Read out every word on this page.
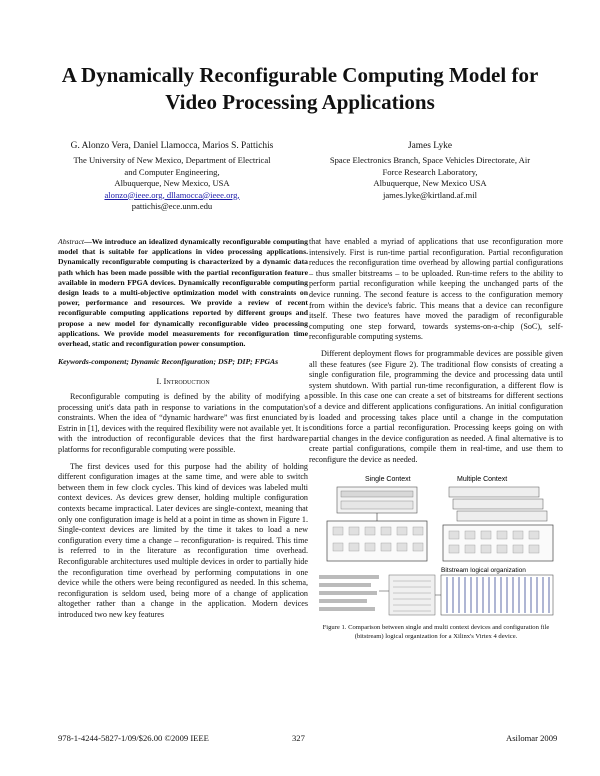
A Dynamically Reconfigurable Computing Model for Video Processing Applications
G. Alonzo Vera, Daniel Llamocca, Marios S. Pattichis
The University of New Mexico, Department of Electrical
and Computer Engineering,
Albuquerque, New Mexico, USA
alonzo@ieee.org, dllamocca@ieee.org,
pattichis@ece.unm.edu
James Lyke
Space Electronics Branch, Space Vehicles Directorate, Air
Force Research Laboratory,
Albuquerque, New Mexico USA
james.lyke@kirtland.af.mil
Abstract—We introduce an idealized dynamically reconfigurable computing model that is suitable for applications in video processing applications. Dynamically reconfigurable computing is characterized by a dynamic data path which has been made possible with the partial reconfiguration feature available in modern FPGA devices. Dynamically reconfigurable computing design leads to a multi-objective optimization model with constraints on power, performance and resources. We provide a review of recent reconfigurable computing applications reported by different groups and propose a new model for dynamically reconfigurable video processing applications. We provide model measurements for reconfiguration time overhead, static and reconfiguration power consumption.
Keywords-component; Dynamic Reconfiguration; DSP; DIP; FPGAs
I. Introduction

Reconfigurable computing is defined by the ability of modifying a processing unit's data path in response to variations in the computation's constraints. When the idea of “dynamic hardware” was first enunciated by Estrin in [1], devices with the required flexibility were not available yet. It is with the introduction of reconfigurable devices that the first hardware platforms for reconfigurable computing were possible.

The first devices used for this purpose had the ability of holding different configuration images at the same time, and were able to switch between them in few clock cycles. This kind of devices was labeled multi context devices. As devices grew denser, holding multiple configuration contexts became impractical. Later devices are single-context, meaning that only one configuration image is held at a point in time as shown in Figure 1. Single-context devices are limited by the time it takes to load a new configuration every time a change – reconfiguration- is required. This time is referred to in the literature as reconfiguration time overhead. Reconfigurable architectures used multiple devices in order to partially hide the reconfiguration time overhead by performing computations in one device while the others were being reconfigured as needed. In this schema, reconfiguration is seldom used, being more of a change of application altogether rather than a change in the application. Modern devices introduced two new key features

that have enabled a myriad of applications that use reconfiguration more intensively. First is run-time partial reconfiguration. Partial reconfiguration reduces the reconfiguration time overhead by allowing partial configurations – thus smaller bitstreams – to be uploaded. Run-time refers to the ability to perform partial reconfiguration while keeping the unchanged parts of the device running. The second feature is access to the configuration memory from within the device's fabric. This means that a device can reconfigure itself. These two features have moved the paradigm of reconfigurable computing one step forward, towards systems-on-a-chip (SoC), self-reconfigurable computing systems.

Different deployment flows for programmable devices are possible given all these features (see Figure 2). The traditional flow consists of creating a single configuration file, programming the device and processing data until system shutdown. With partial run-time reconfiguration, a different flow is possible. In this case one can create a set of bitstreams for different sections of a device and different applications configurations. An initial configuration is loaded and processing takes place until a change in the computation conditions force a partial reconfiguration. Processing keeps going on with partial changes in the device configuration as needed. A final alternative is to create partial configurations, compile them in real-time, and use them to reconfigure the device as needed.

Single Context	Multiple Context
Bitstream logical organization
Figure 1. Comparison between single and multi context devices and configuration file (bitstream) logical organization for a Xilinx's Virtex 4 device.
978-1-4244-5827-1/09/$26.00 ©2009 IEEE	327	Asilomar 2009
